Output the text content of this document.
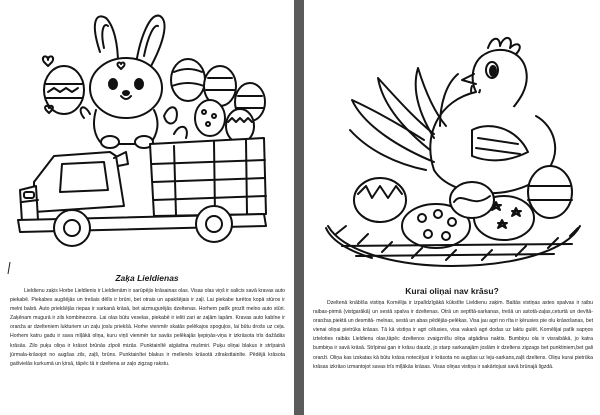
Zaķa Lieldienas

Lieldienu zaķis Horbe Lieldienis ir Lieldienām ir sarūpējis krāsainas olas. Visas olas viņš ir salicis savā kravas auto piekabē. Piekabes augšējās un trešais dēlīs ir brūni, bet otrais un apakšējais ir zaļi. Lai piekabe turētos kopā stūros ir melni balsti. Auto priekšējās riepas ir sarkanā krāsā, bet aizmugurējās dzeltenas. Horhem patīk grozīt melno auto stūri. Zaķēnam mugurā ir zils kombinezons. Lai olas būtu veselas, piekabē ir ieliti zari ar zaļām lapām. Kravas auto kabīne ir oranža ar dzelteniem lukturiem un zaļu joslu priekšā. Horhe vienmēr skatās pelēkajos spoguļos, lai būtu drošs uz ceļa. Horhem katru gadu ir sava mīļākā oliņa, kuru viņš vienmēr tur savās pelēkajās ķepiņās-viņa ir izkrāsota trīs dažādās krāsās. Zilo puķu oliņa ir krāsot brūnās zīpoli mizās. Punktainītē atgādina mušmiri. Puķu oliņai blakus ir strīpainā jūrmala-krāsojot no augšas zils, zaļš, brūns. Punktainītei blakus ir mellenēs krāsotā zilraksttainīte. Pēdējā krāsota gaišvielās kurkumā un ķirsā, tāpēc tā ir dzeltena ar zaļo zigzag rakstu.

Kurai oliņai nav krāsu?

Dzeltenā knābīša vistiņa Kornēlija ir izpalīdzīgākā kūkstīte Lieldienu zaķim. Baltās vistiņas astes spalvas ir raibu raibas-pirmā (vistgarākā) un sestā spalva ir dzeltenas. Otrā un septītā-sarkanas, trešā un astotā-zaļas,ceturtā un devītā-oranžas,piektā un desmitā- melnas, sestā un abas pēdējās-pelēkas. Visa jau agri no rīta ir ķērusies pie olu krāsošanas, bet vienai oliņai pietrūka krāsas. Tā kā vistiņa ir agri cēlusies, visa vakarā agri dodas uz laktu gulēt. Kornēlijai patīk sapņos izteloties raibās Lieldienu olas,tāpēc dzeltenos zvaigznīšu oliņa atgādina naktis. Bumbiņu ola ir visraibākā, jo katra bumbiņa ir savā krāsā. Strīpinai gan ir krāsu daudz, jo starp sarkanajām joslām ir dzeltens zigzags bet punktiniem,bet gali oranži. Oliņa kas izskatas kā būtu krāsa notecējusi ir krāsota no augšas uz leju-sarkans,zaļš dzeltens. Oliņu kurai pietrūka krāsas izkrāso izmantojot savas trīs mīļākās krāsas. Visas oliņas vistiņa ir sakārtojusi savā brūnajā ligzdā.
